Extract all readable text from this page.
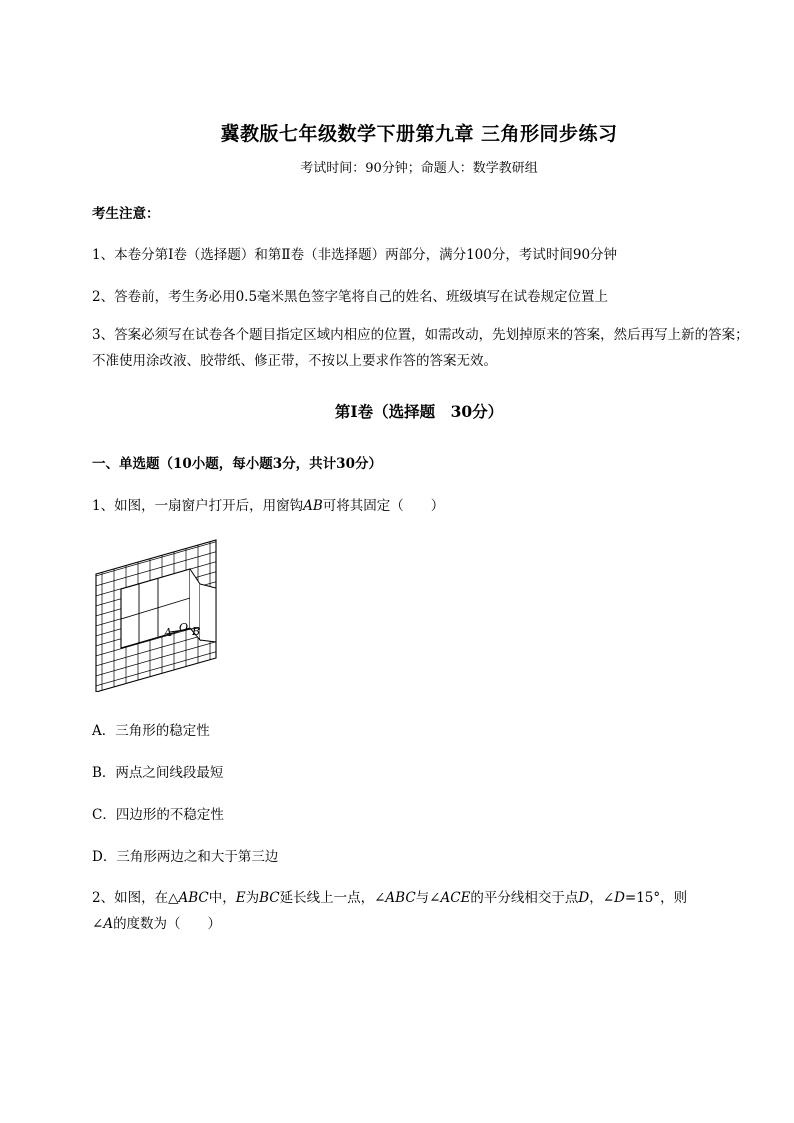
冀教版七年级数学下册第九章 三角形同步练习
考试时间：90分钟；命题人：数学教研组
考生注意：
1、本卷分第I卷（选择题）和第Ⅱ卷（非选择题）两部分，满分100分，考试时间90分钟
2、答卷前，考生务必用0.5毫米黑色签字笔将自己的姓名、班级填写在试卷规定位置上
3、答案必须写在试卷各个题目指定区域内相应的位置，如需改动，先划掉原来的答案，然后再写上新的答案；不准使用涂改液、胶带纸、修正带，不按以上要求作答的答案无效。
第I卷（选择题　30分）
一、单选题（10小题，每小题3分，共计30分）
1、如图，一扇窗户打开后，用窗钩AB可将其固定（　　）
A O B
A．三角形的稳定性
B．两点之间线段最短
C．四边形的不稳定性
D．三角形两边之和大于第三边
2、如图，在△ABC中，E为BC延长线上一点，∠ABC与∠ACE的平分线相交于点D，∠D=15°，则
∠A的度数为（　　）
